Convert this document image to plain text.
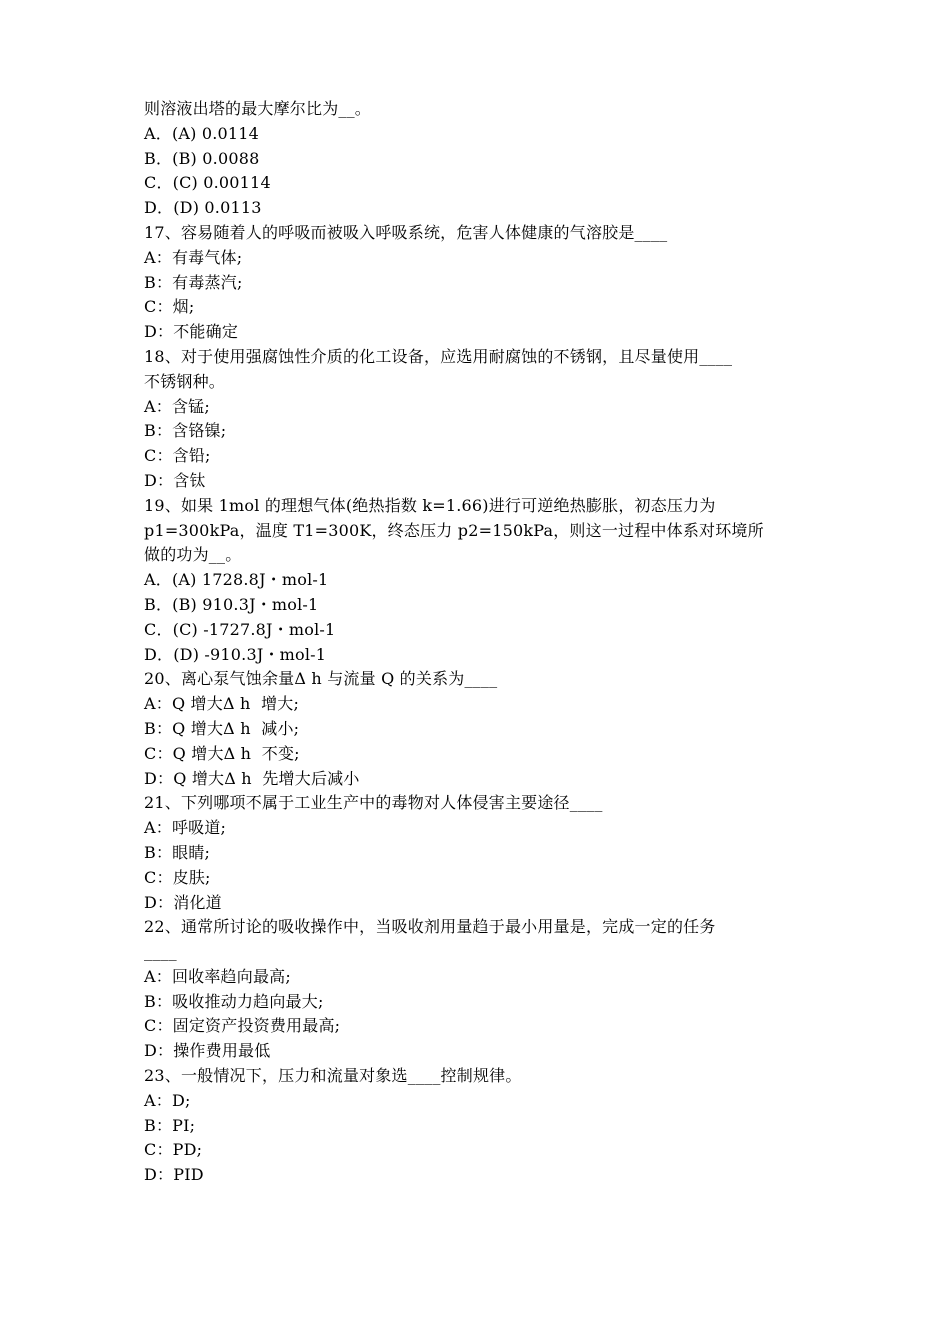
则溶液出塔的最大摩尔比为__。
A．(A) 0.0114
B．(B) 0.0088
C．(C) 0.00114
D．(D) 0.0113
17、容易随着人的呼吸而被吸入呼吸系统，危害人体健康的气溶胶是____
A：有毒气体;
B：有毒蒸汽;
C：烟;
D：不能确定
18、对于使用强腐蚀性介质的化工设备，应选用耐腐蚀的不锈钢，且尽量使用____
不锈钢种。
A：含锰;
B：含铬镍;
C：含铅;
D：含钛
19、如果 1mol 的理想气体(绝热指数 k=1.66)进行可逆绝热膨胀，初态压力为
p1=300kPa，温度 T1=300K，终态压力 p2=150kPa，则这一过程中体系对环境所
做的功为__。
A．(A) 1728.8J・mol-1
B．(B) 910.3J・mol-1
C．(C) -1727.8J・mol-1
D．(D) -910.3J・mol-1
20、离心泵气蚀余量Δ h 与流量 Q 的关系为____
A：Q 增大Δ h  增大;
B：Q 增大Δ h  减小;
C：Q 增大Δ h  不变;
D：Q 增大Δ h  先增大后减小
21、下列哪项不属于工业生产中的毒物对人体侵害主要途径____
A：呼吸道;
B：眼睛;
C：皮肤;
D：消化道
22、通常所讨论的吸收操作中，当吸收剂用量趋于最小用量是，完成一定的任务
____
A：回收率趋向最高;
B：吸收推动力趋向最大;
C：固定资产投资费用最高;
D：操作费用最低
23、一般情况下，压力和流量对象选____控制规律。
A：D;
B：PI;
C：PD;
D：PID
